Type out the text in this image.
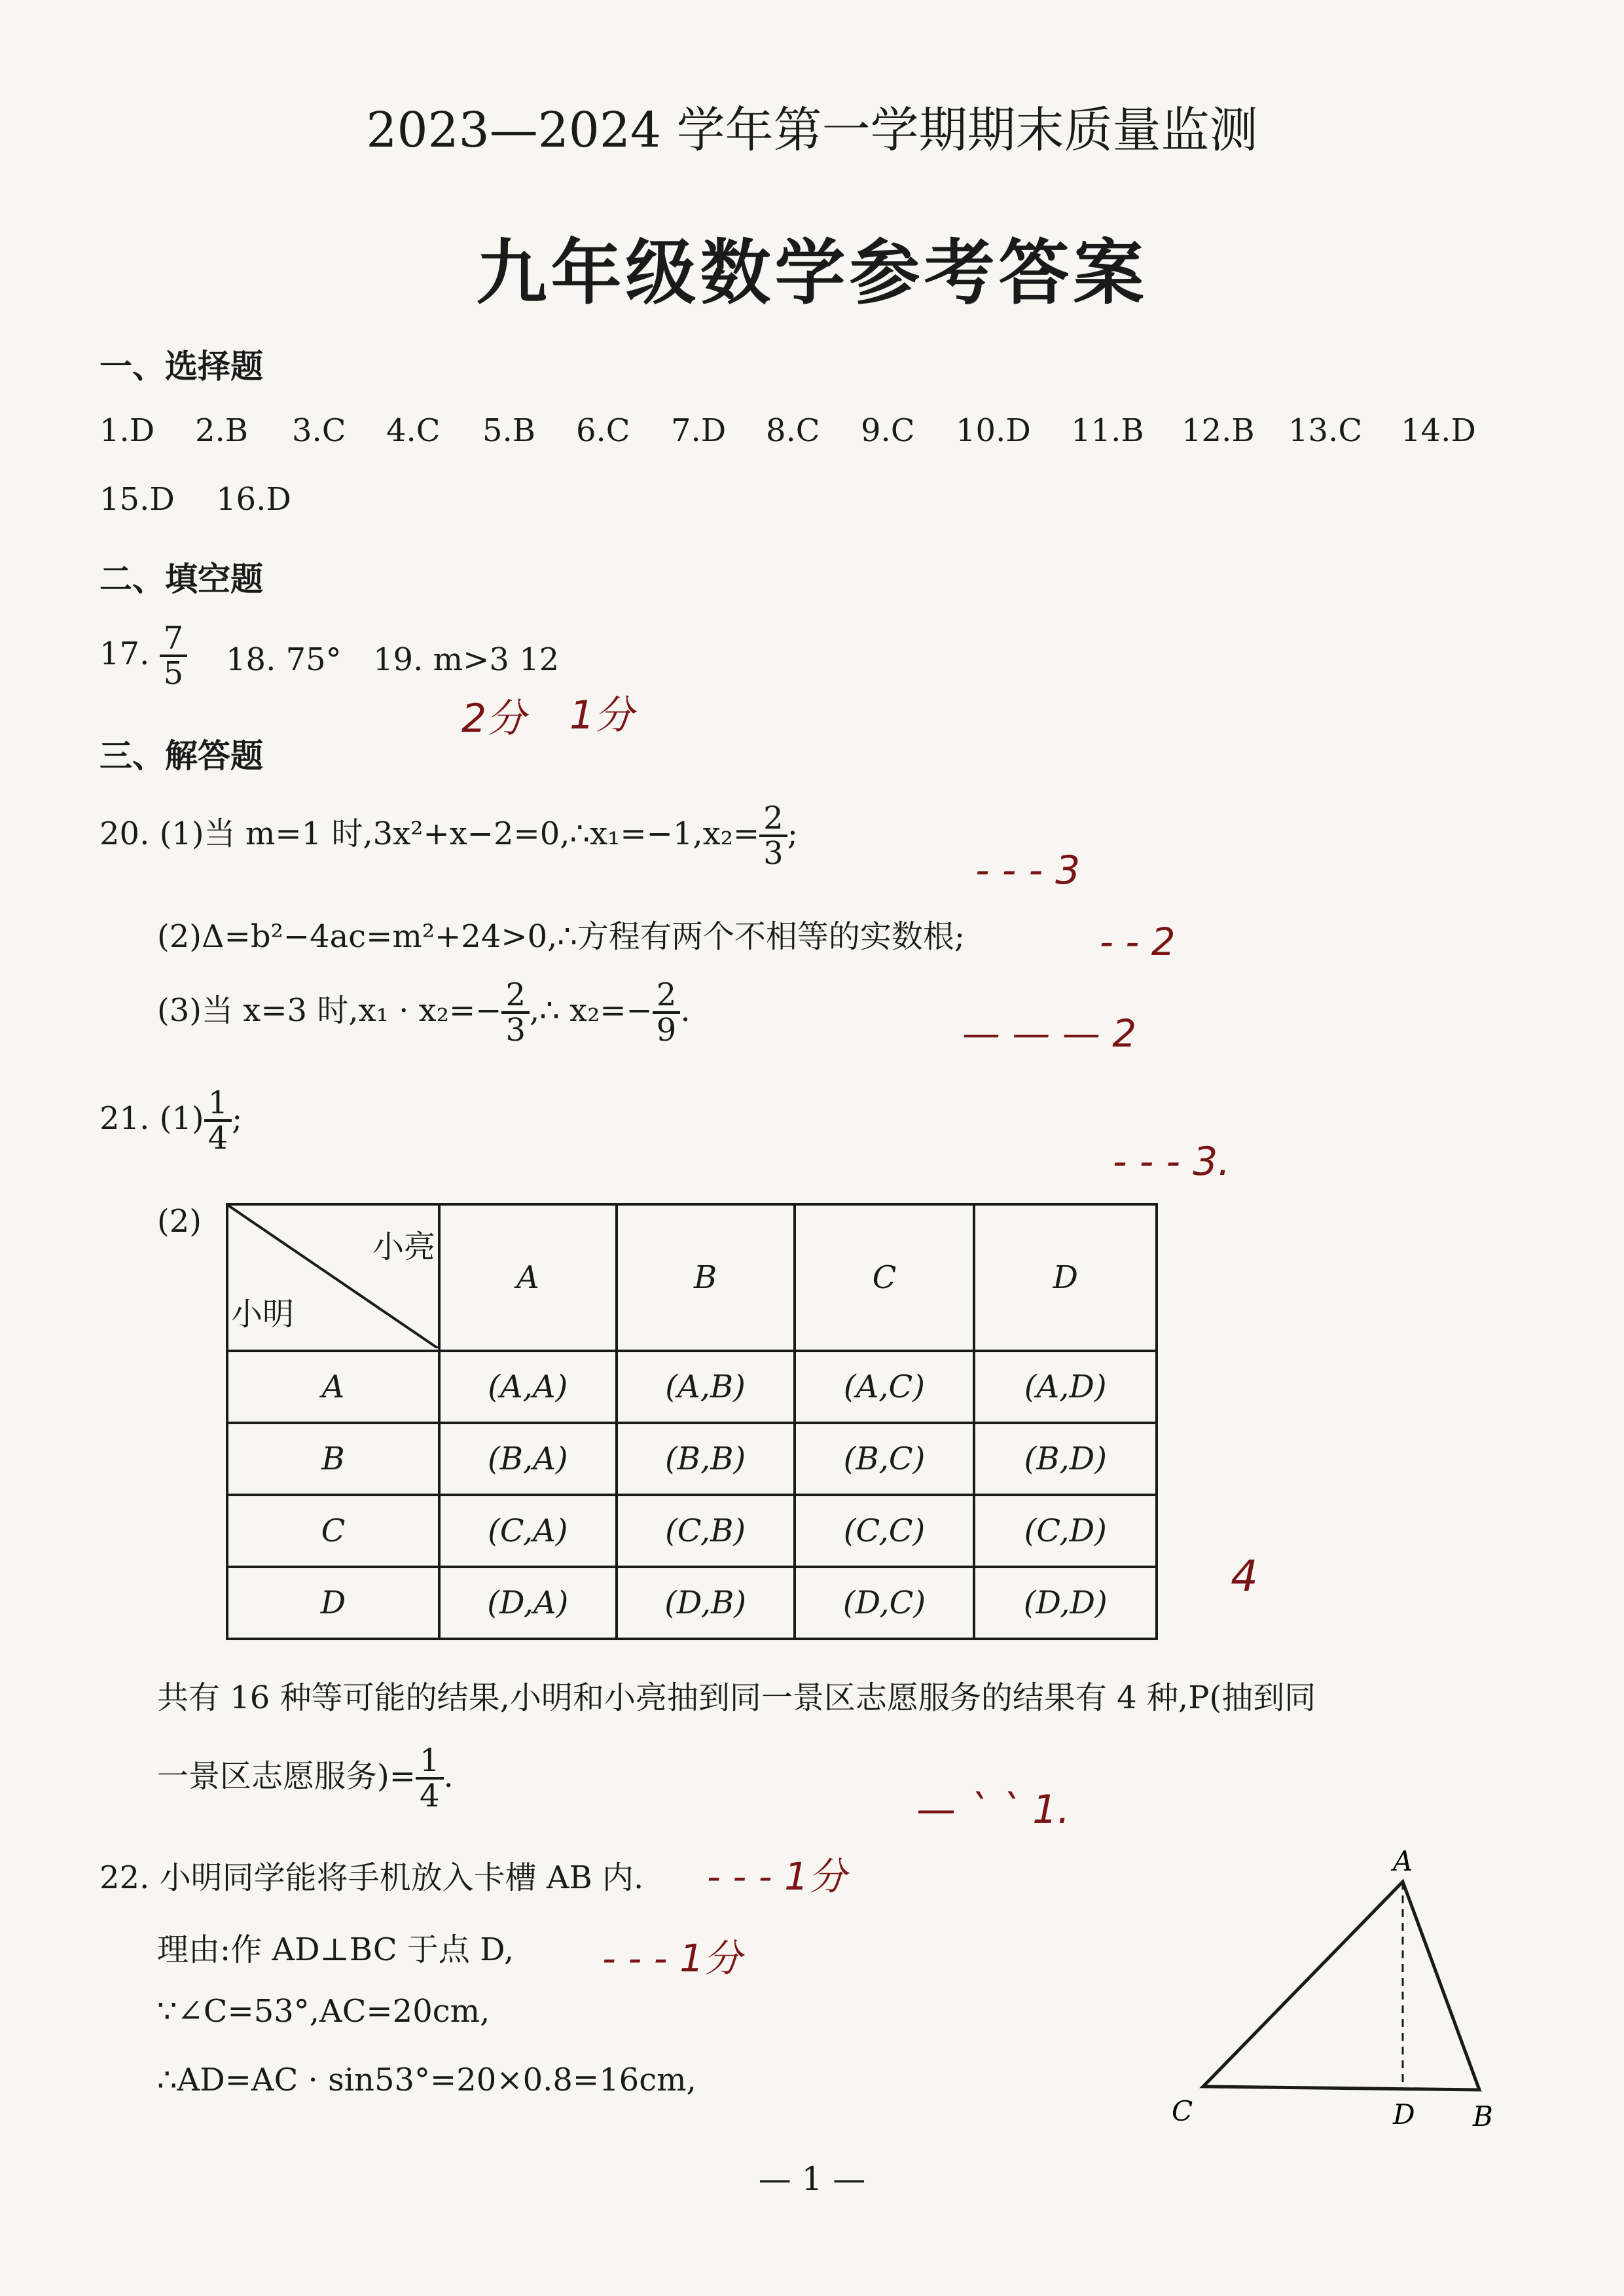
2023—2024 学年第一学期期末质量监测
九年级数学参考答案
一、选择题
1.D 2.B 3.C 4.C 5.B 6.C 7.D 8.C 9.C 10.D 11.B 12.B 13.C 14.D
15.D 16.D
二、填空题
17. $\frac{7}{5} 18$. 75° 19. m>3 12
2分 1分
三、解答题
20. (1)当 m=1 时,3x²+x−2=0,∴x₁=−1,x₂= $\frac{2}{3}$ ;
- - - 3
(2)Δ=b²−4ac=m²+24>0,∴方程有两个不相等的实数根;	- - 2
(3)当 x=3 时$,x_1 \cdot x_2=- \frac{2}{3}$ ,∴ $x_2=- \frac{2}{9}$ .
— — — 2
21. $(1) \frac{1}{4}$ ;
- - - 3.
(2)
小亮
小明	A	B	C	D
A	(A,A)	(A,B)	(A,C)	(A,D)
B	(B,A)	(B,B)	(B,C)	(B,D)
C	(C,A)	(C,B)	(C,C)	(C,D)
D	(D,A)	(D,B)	(D,C)	(D,D)
4
共有 16 种等可能的结果,小明和小亮抽到同一景区志愿服务的结果有 4 种,P(抽到同
一景区志愿服务)= $\frac{1}{4}$ .
— ` ` 1.
22. 小明同学能将手机放入卡槽 AB 内. - - - 1分
理由:作 AD⊥BC 于点 D, - - - 1分
∵∠C=53°,AC=20cm,
∴AD=AC · sin53°=20×0.8=16cm,
A
C	D B
— 1 —
